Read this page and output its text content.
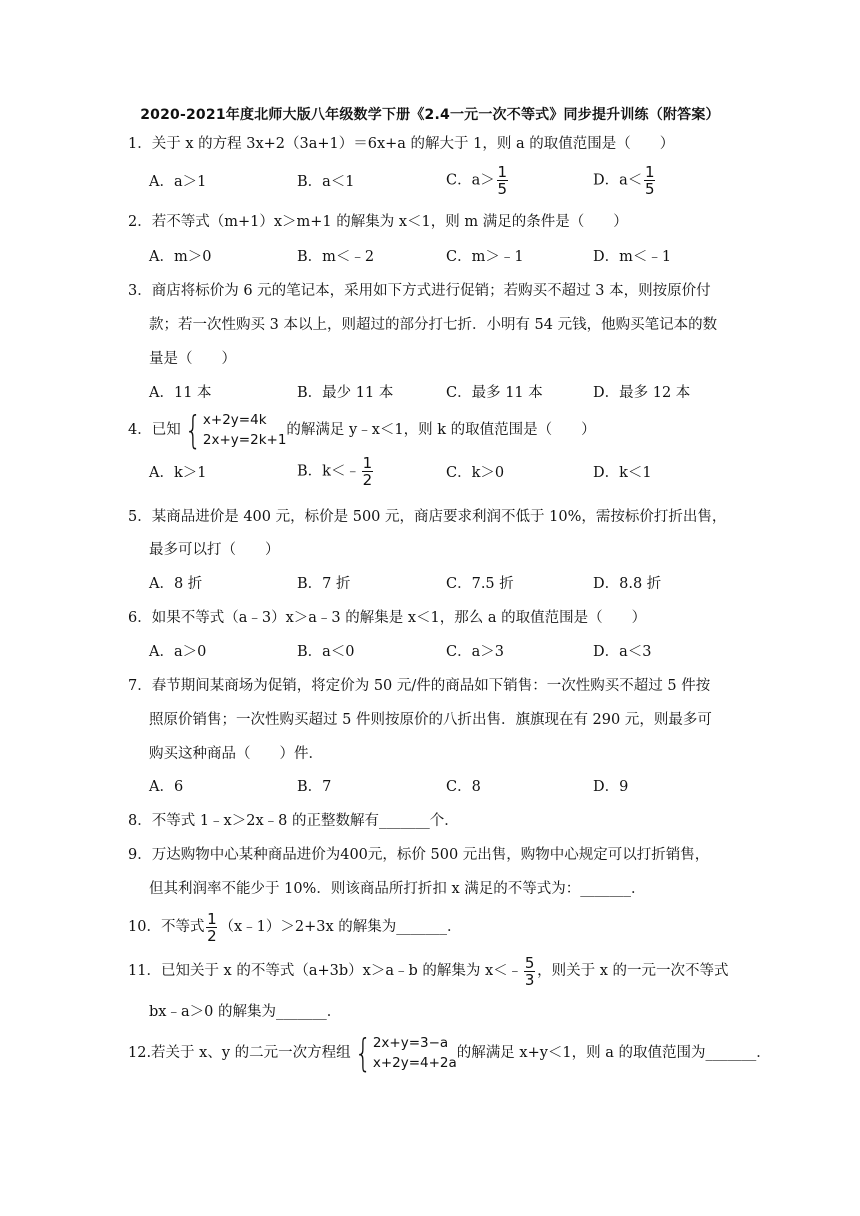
2020-2021年度北师大版八年级数学下册《2.4一元一次不等式》同步提升训练（附答案）
1．关于 x 的方程 3x+2（3a+1）＝6x+a 的解大于 1，则 a 的取值范围是（　　）
A．a＞1	B．a＜1	C．$a> \frac{1}{5}$	D．$a< \frac{1}{5}$
2．若不等式（m+1）x＞m+1 的解集为 x＜1，则 m 满足的条件是（　　）
A．m＞0	B．m＜﹣2	C．m＞﹣1	D．m＜﹣1
3．商店将标价为 6 元的笔记本，采用如下方式进行促销；若购买不超过 3 本，则按原价付
款；若一次性购买 3 本以上，则超过的部分打七折．小明有 54 元钱，他购买笔记本的数
量是（　　）
A．11 本	B．最少 11 本	C．最多 11 本	D．最多 12 本
4．已知 { x+2y=4k
2x+y=2k+1
的解满足 y﹣x＜1，则 k 的取值范围是（　　）
A．k＞1	B．k＜﹣ $\frac{1}{2}$	C．k＞0	D．k＜1
5．某商品进价是 400 元，标价是 500 元，商店要求利润不低于 10%，需按标价打折出售，
最多可以打（　　）
A．8 折	B．7 折	C．7.5 折	D．8.8 折
6．如果不等式（a﹣3）x＞a﹣3 的解集是 x＜1，那么 a 的取值范围是（　　）
A．a＞0	B．a＜0	C．a＞3	D．a＜3
7．春节期间某商场为促销，将定价为 50 元/件的商品如下销售：一次性购买不超过 5 件按
照原价销售；一次性购买超过 5 件则按原价的八折出售．旗旗现在有 290 元，则最多可
购买这种商品（　　）件．
A．6	B．7	C．8	D．9
8．不等式 1﹣x＞2x﹣8 的正整数解有_______个．
9．万达购物中心某种商品进价为400元，标价 500 元出售，购物中心规定可以打折销售，
但其利润率不能少于 10%．则该商品所打折扣 x 满足的不等式为：_______．
10．不等式 $\frac{1}{2}$ （x﹣1）＞2+3x 的解集为_______．
11．已知关于 x 的不等式（a+3b）x＞a﹣b 的解集为 x＜﹣ $\frac{5}{3}$ ，则关于 x 的一元一次不等式
bx﹣a＞0 的解集为_______．
12.若关于 x、y 的二元一次方程组 { 2x+y=3−a
x+2y=4+2a
的解满足 x+y＜1，则 a 的取值范围为_______．
